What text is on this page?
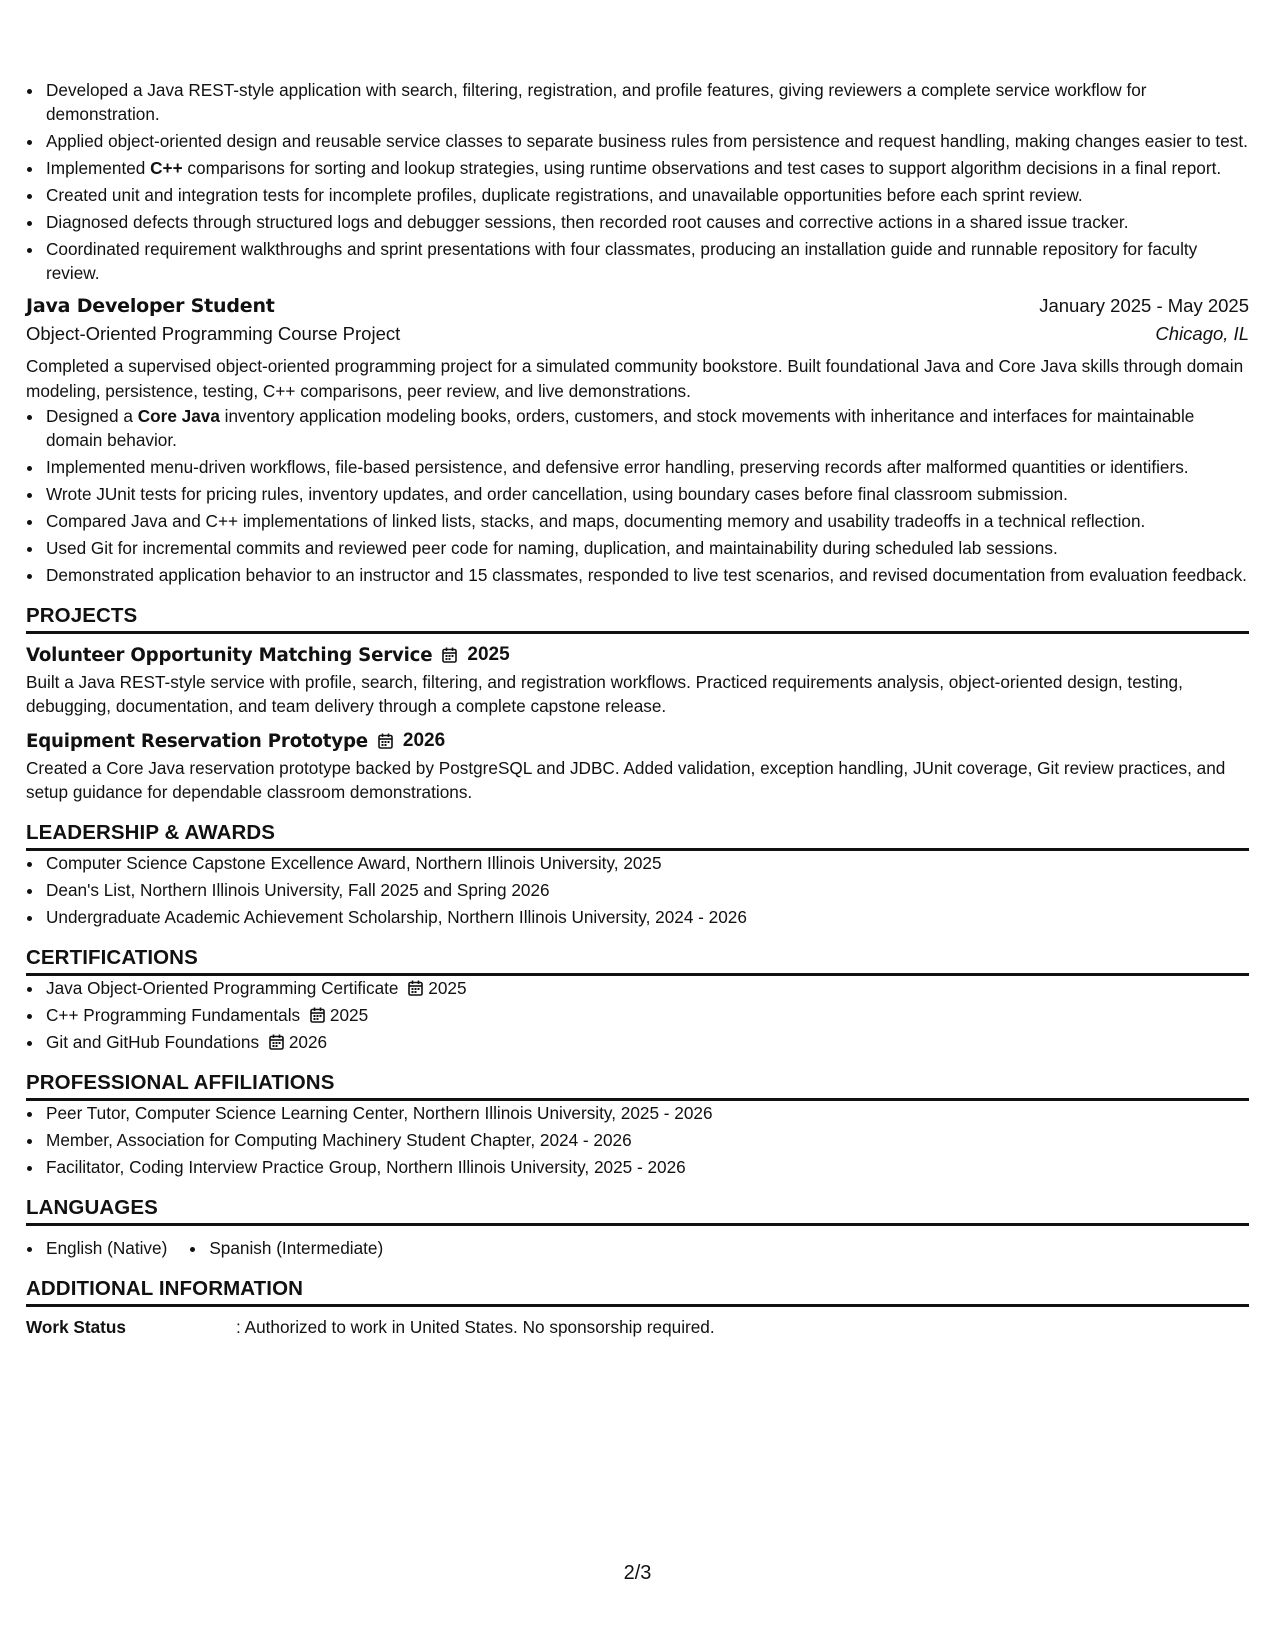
• Developed a Java REST-style application with search, filtering, registration, and profile features, giving reviewers a complete service workflow for demonstration.
• Applied object-oriented design and reusable service classes to separate business rules from persistence and request handling, making changes easier to test.
• Implemented C++ comparisons for sorting and lookup strategies, using runtime observations and test cases to support algorithm decisions in a final report.
• Created unit and integration tests for incomplete profiles, duplicate registrations, and unavailable opportunities before each sprint review.
• Diagnosed defects through structured logs and debugger sessions, then recorded root causes and corrective actions in a shared issue tracker.
• Coordinated requirement walkthroughs and sprint presentations with four classmates, producing an installation guide and runnable repository for faculty review.
Java Developer Student	January 2025 - May 2025
Object-Oriented Programming Course Project	Chicago, IL

Completed a supervised object-oriented programming project for a simulated community bookstore. Built foundational Java and Core Java skills through domain modeling, persistence, testing, C++ comparisons, peer review, and live demonstrations.

• Designed a Core Java inventory application modeling books, orders, customers, and stock movements with inheritance and interfaces for maintainable domain behavior.
• Implemented menu-driven workflows, file-based persistence, and defensive error handling, preserving records after malformed quantities or identifiers.
• Wrote JUnit tests for pricing rules, inventory updates, and order cancellation, using boundary cases before final classroom submission.
• Compared Java and C++ implementations of linked lists, stacks, and maps, documenting memory and usability tradeoffs in a technical reflection.
• Used Git for incremental commits and reviewed peer code for naming, duplication, and maintainability during scheduled lab sessions.
• Demonstrated application behavior to an instructor and 15 classmates, responded to live test scenarios, and revised documentation from evaluation feedback.
PROJECTS
Volunteer Opportunity Matching Service 2025

Built a Java REST-style service with profile, search, filtering, and registration workflows. Practiced requirements analysis, object-oriented design, testing, debugging, documentation, and team delivery through a complete capstone release.

Equipment Reservation Prototype 2026

Created a Core Java reservation prototype backed by PostgreSQL and JDBC. Added validation, exception handling, JUnit coverage, Git review practices, and setup guidance for dependable classroom demonstrations.

LEADERSHIP & AWARDS
• Computer Science Capstone Excellence Award, Northern Illinois University, 2025
• Dean's List, Northern Illinois University, Fall 2025 and Spring 2026
• Undergraduate Academic Achievement Scholarship, Northern Illinois University, 2024 - 2026
CERTIFICATIONS
• Java Object-Oriented Programming Certificate 2025
• C++ Programming Fundamentals 2025
• Git and GitHub Foundations 2026
PROFESSIONAL AFFILIATIONS
• Peer Tutor, Computer Science Learning Center, Northern Illinois University, 2025 - 2026
• Member, Association for Computing Machinery Student Chapter, 2024 - 2026
• Facilitator, Coding Interview Practice Group, Northern Illinois University, 2025 - 2026
LANGUAGES
• English (Native)
• Spanish (Intermediate)
ADDITIONAL INFORMATION
Work Status	: Authorized to work in United States. No sponsorship required.
2/3
